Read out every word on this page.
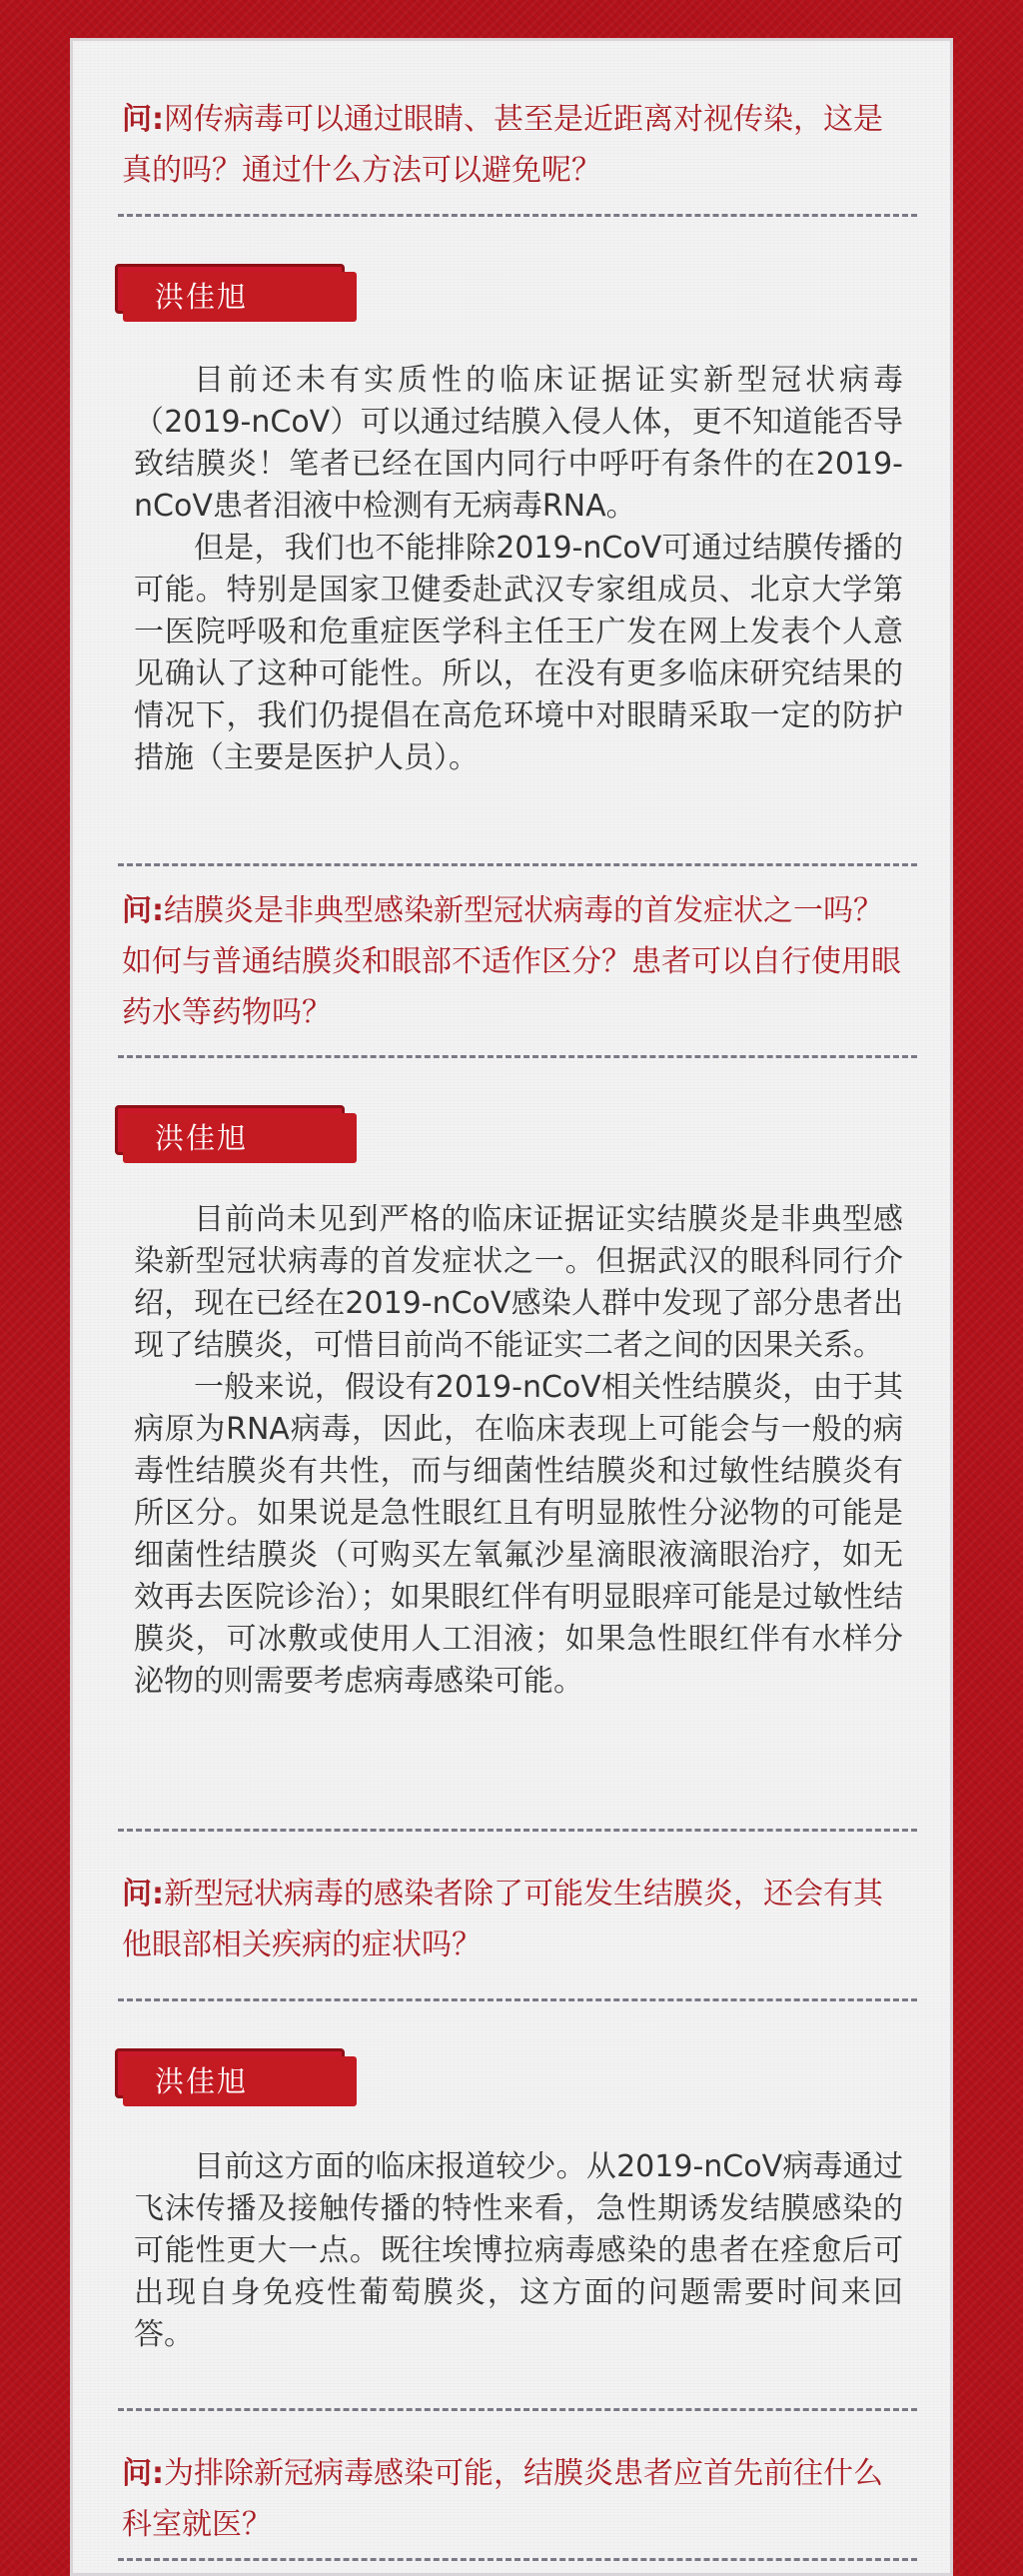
问:网传病毒可以通过眼睛、甚至是近距离对视传染，这是真的吗？通过什么方法可以避免呢？
洪佳旭

目前还未有实质性的临床证据证实新型冠状病毒（2019-nCoV）可以通过结膜入侵人体，更不知道能否导致结膜炎！笔者已经在国内同行中呼吁有条件的在2019-nCoV患者泪液中检测有无病毒RNA。

但是，我们也不能排除2019-nCoV可通过结膜传播的可能。特别是国家卫健委赴武汉专家组成员、北京大学第一医院呼吸和危重症医学科主任王广发在网上发表个人意见确认了这种可能性。所以，在没有更多临床研究结果的情况下，我们仍提倡在高危环境中对眼睛采取一定的防护措施（主要是医护人员）。

问:结膜炎是非典型感染新型冠状病毒的首发症状之一吗？如何与普通结膜炎和眼部不适作区分？患者可以自行使用眼药水等药物吗？
洪佳旭

目前尚未见到严格的临床证据证实结膜炎是非典型感染新型冠状病毒的首发症状之一。但据武汉的眼科同行介绍，现在已经在2019-nCoV感染人群中发现了部分患者出现了结膜炎，可惜目前尚不能证实二者之间的因果关系。

一般来说，假设有2019-nCoV相关性结膜炎，由于其病原为RNA病毒，因此，在临床表现上可能会与一般的病毒性结膜炎有共性，而与细菌性结膜炎和过敏性结膜炎有所区分。如果说是急性眼红且有明显脓性分泌物的可能是细菌性结膜炎（可购买左氧氟沙星滴眼液滴眼治疗，如无效再去医院诊治）；如果眼红伴有明显眼痒可能是过敏性结膜炎，可冰敷或使用人工泪液；如果急性眼红伴有水样分泌物的则需要考虑病毒感染可能。

问:新型冠状病毒的感染者除了可能发生结膜炎，还会有其他眼部相关疾病的症状吗？
洪佳旭

目前这方面的临床报道较少。从2019-nCoV病毒通过飞沫传播及接触传播的特性来看，急性期诱发结膜感染的可能性更大一点。既往埃博拉病毒感染的患者在痊愈后可出现自身免疫性葡萄膜炎，这方面的问题需要时间来回答。

问:为排除新冠病毒感染可能，结膜炎患者应首先前往什么科室就医？
